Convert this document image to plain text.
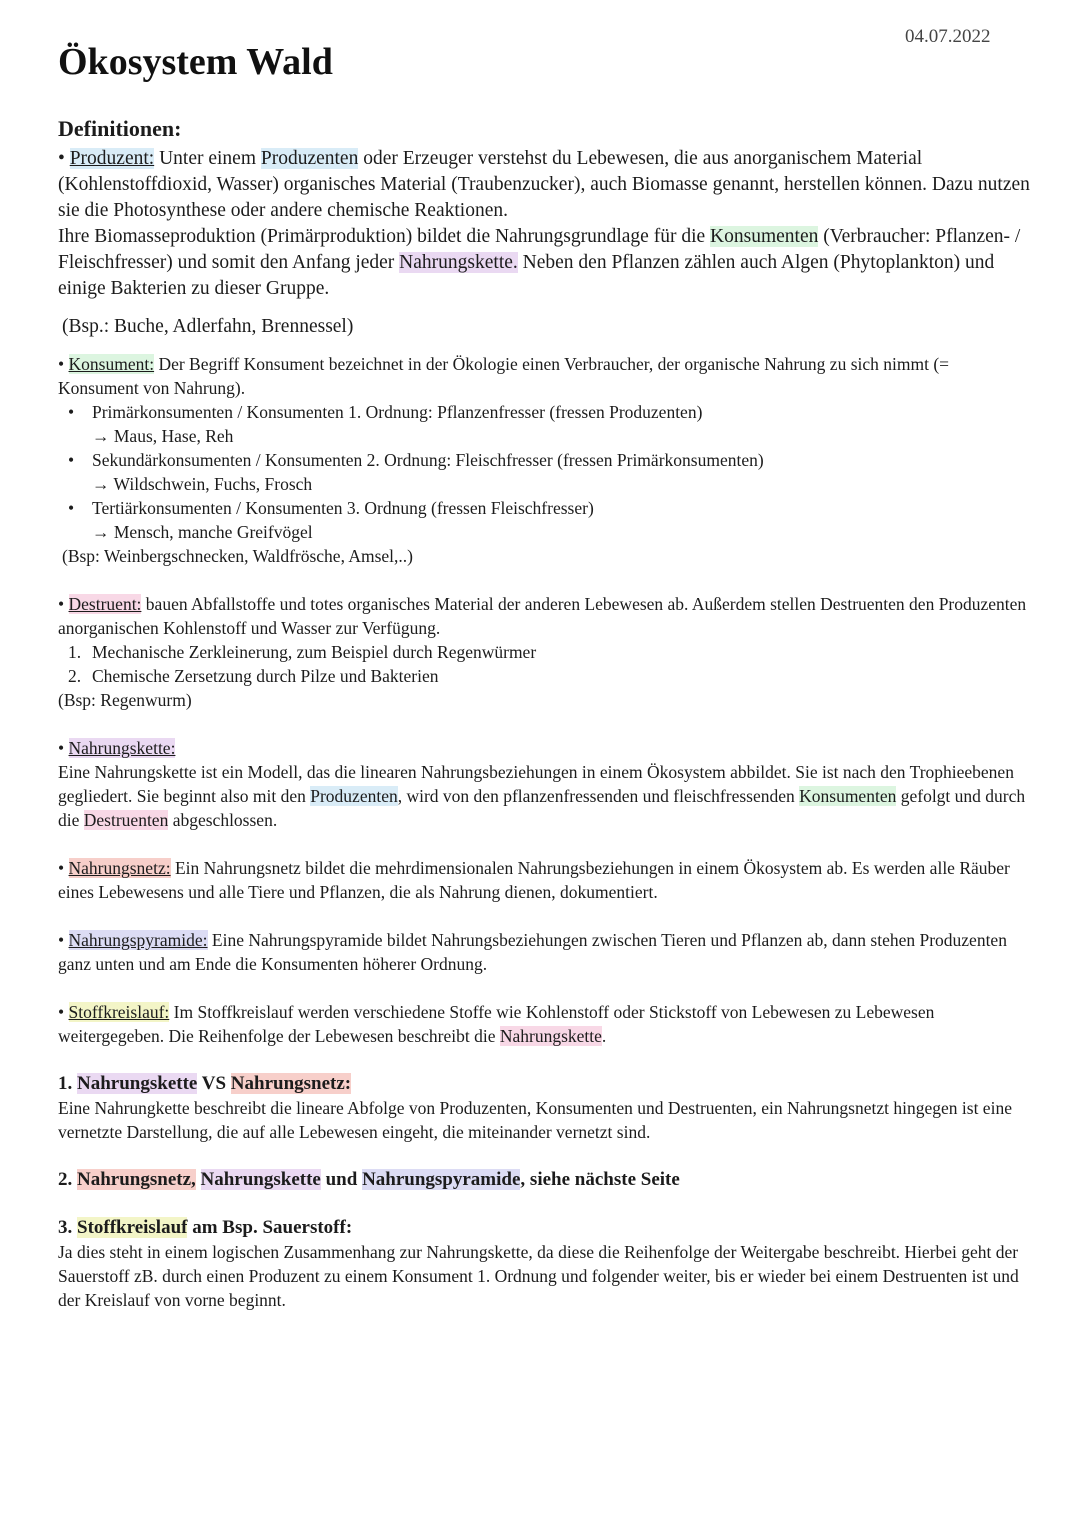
04.07.2022
Ökosystem Wald

Definitionen:

• Produzent: Unter einem Produzenten oder Erzeuger verstehst du Lebewesen, die aus anorganischem Material (Kohlenstoffdioxid, Wasser) organisches Material (Traubenzucker), auch Biomasse genannt, herstellen können. Dazu nutzen sie die Photosynthese oder andere chemische Reaktionen.
Ihre Biomasseproduktion (Primärproduktion) bildet die Nahrungsgrundlage für die Konsumenten (Verbraucher: Pflanzen- / Fleischfresser) und somit den Anfang jeder Nahrungskette. Neben den Pflanzen zählen auch Algen (Phytoplankton) und einige Bakterien zu dieser Gruppe.

(Bsp.: Buche, Adlerfahn, Brennessel)

• Konsument: Der Begriff Konsument bezeichnet in der Ökologie einen Verbraucher, der organische Nahrung zu sich nimmt (= Konsument von Nahrung).

• Primärkonsumenten / Konsumenten 1. Ordnung: Pflanzenfresser (fressen Produzenten)
→ Maus, Hase, Reh
• Sekundärkonsumenten / Konsumenten 2. Ordnung: Fleischfresser (fressen Primärkonsumenten)
→ Wildschwein, Fuchs, Frosch
• Tertiärkonsumenten / Konsumenten 3. Ordnung (fressen Fleischfresser)
→ Mensch, manche Greifvögel

(Bsp: Weinbergschnecken, Waldfrösche, Amsel,..)

• Destruent: bauen Abfallstoffe und totes organisches Material der anderen Lebewesen ab. Außerdem stellen Destruenten den Produzenten anorganischen Kohlenstoff und Wasser zur Verfügung.

1. Mechanische Zerkleinerung, zum Beispiel durch Regenwürmer
2. Chemische Zersetzung durch Pilze und Bakterien

(Bsp: Regenwurm)

• Nahrungskette:

Eine Nahrungskette ist ein Modell, das die linearen Nahrungsbeziehungen in einem Ökosystem abbildet. Sie ist nach den Trophieebenen gegliedert. Sie beginnt also mit den Produzenten, wird von den pflanzenfressenden und fleischfressenden Konsumenten gefolgt und durch die Destruenten abgeschlossen.

• Nahrungsnetz: Ein Nahrungsnetz bildet die mehrdimensionalen Nahrungsbeziehungen in einem Ökosystem ab. Es werden alle Räuber eines Lebewesens und alle Tiere und Pflanzen, die als Nahrung dienen, dokumentiert.

• Nahrungspyramide: Eine Nahrungspyramide bildet Nahrungsbeziehungen zwischen Tieren und Pflanzen ab, dann stehen Produzenten ganz unten und am Ende die Konsumenten höherer Ordnung.

• Stoffkreislauf: Im Stoffkreislauf werden verschiedene Stoffe wie Kohlenstoff oder Stickstoff von Lebewesen zu Lebewesen weitergegeben. Die Reihenfolge der Lebewesen beschreibt die Nahrungskette.

1. Nahrungskette VS Nahrungsnetz:

Eine Nahrungkette beschreibt die lineare Abfolge von Produzenten, Konsumenten und Destruenten, ein Nahrungsnetzt hingegen ist eine vernetzte Darstellung, die auf alle Lebewesen eingeht, die miteinander vernetzt sind.

2. Nahrungsnetz, Nahrungskette und Nahrungspyramide, siehe nächste Seite

3. Stoffkreislauf am Bsp. Sauerstoff:

Ja dies steht in einem logischen Zusammenhang zur Nahrungskette, da diese die Reihenfolge der Weitergabe beschreibt. Hierbei geht der Sauerstoff zB. durch einen Produzent zu einem Konsument 1. Ordnung und folgender weiter, bis er wieder bei einem Destruenten ist und der Kreislauf von vorne beginnt.
